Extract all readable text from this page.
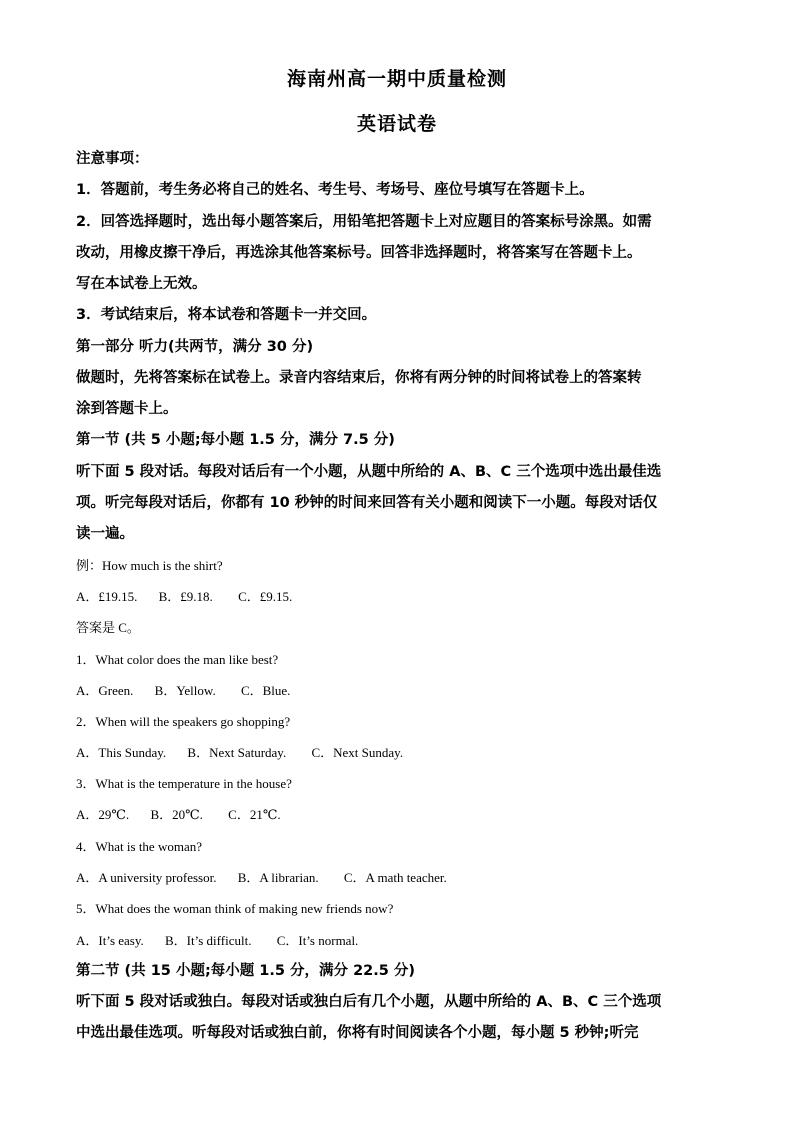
海南州高一期中质量检测
英语试卷
注意事项：
1．答题前，考生务必将自己的姓名、考生号、考场号、座位号填写在答题卡上。
2．回答选择题时，选出每小题答案后，用铅笔把答题卡上对应题目的答案标号涂黑。如需
改动，用橡皮擦干净后，再选涂其他答案标号。回答非选择题时，将答案写在答题卡上。
写在本试卷上无效。
3．考试结束后，将本试卷和答题卡一并交回。
第一部分 听力(共两节，满分 30 分)
做题时，先将答案标在试卷上。录音内容结束后，你将有两分钟的时间将试卷上的答案转
涂到答题卡上。
第一节 (共 5 小题;每小题 1.5 分，满分 7.5 分)
听下面 5 段对话。每段对话后有一个小题，从题中所给的 A、B、C 三个选项中选出最佳选
项。听完每段对话后，你都有 10 秒钟的时间来回答有关小题和阅读下一小题。每段对话仅
读一遍。
例：How much is the shirt?
A．£19.15. B．£9.18. C．£9.15.
答案是 C。
1．What color does the man like best?
A．Green. B．Yellow. C．Blue.
2．When will the speakers go shopping?
A．This Sunday. B．Next Saturday. C．Next Sunday.
3．What is the temperature in the house?
A．29℃. B．20℃. C．21℃.
4．What is the woman?
A．A university professor. B．A librarian. C．A math teacher.
5．What does the woman think of making new friends now?
A．It’s easy. B．It’s difficult. C．It’s normal.
第二节 (共 15 小题;每小题 1.5 分，满分 22.5 分)
听下面 5 段对话或独白。每段对话或独白后有几个小题，从题中所给的 A、B、C 三个选项
中选出最佳选项。听每段对话或独白前，你将有时间阅读各个小题，每小题 5 秒钟;听完
